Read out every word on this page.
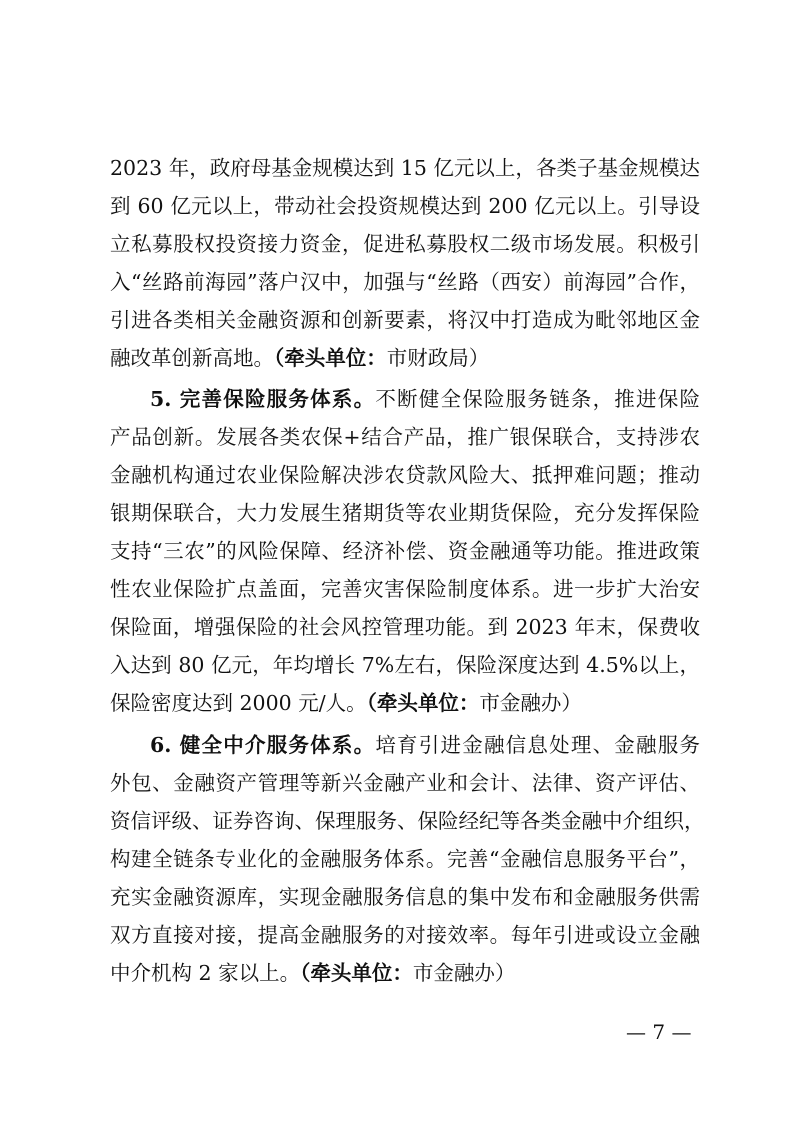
2023 年，政府母基金规模达到 15 亿元以上，各类子基金规模达
到 60 亿元以上，带动社会投资规模达到 200 亿元以上。引导设
立私募股权投资接力资金，促进私募股权二级市场发展。积极引
入“丝路前海园”落户汉中，加强与“丝路（西安）前海园”合作，
引进各类相关金融资源和创新要素，将汉中打造成为毗邻地区金
融改革创新高地。（牵头单位：市财政局）
5. 完善保险服务体系。不断健全保险服务链条，推进保险
产品创新。发展各类农保+结合产品，推广银保联合，支持涉农
金融机构通过农业保险解决涉农贷款风险大、抵押难问题；推动
银期保联合，大力发展生猪期货等农业期货保险，充分发挥保险
支持“三农”的风险保障、经济补偿、资金融通等功能。推进政策
性农业保险扩点盖面，完善灾害保险制度体系。进一步扩大治安
保险面，增强保险的社会风控管理功能。到 2023 年末，保费收
入达到 80 亿元，年均增长 7%左右，保险深度达到 4.5%以上，
保险密度达到 2000 元/人。（牵头单位：市金融办）
6. 健全中介服务体系。培育引进金融信息处理、金融服务
外包、金融资产管理等新兴金融产业和会计、法律、资产评估、
资信评级、证券咨询、保理服务、保险经纪等各类金融中介组织，
构建全链条专业化的金融服务体系。完善“金融信息服务平台”，
充实金融资源库，实现金融服务信息的集中发布和金融服务供需
双方直接对接，提高金融服务的对接效率。每年引进或设立金融
中介机构 2 家以上。（牵头单位：市金融办）
— 7 —
